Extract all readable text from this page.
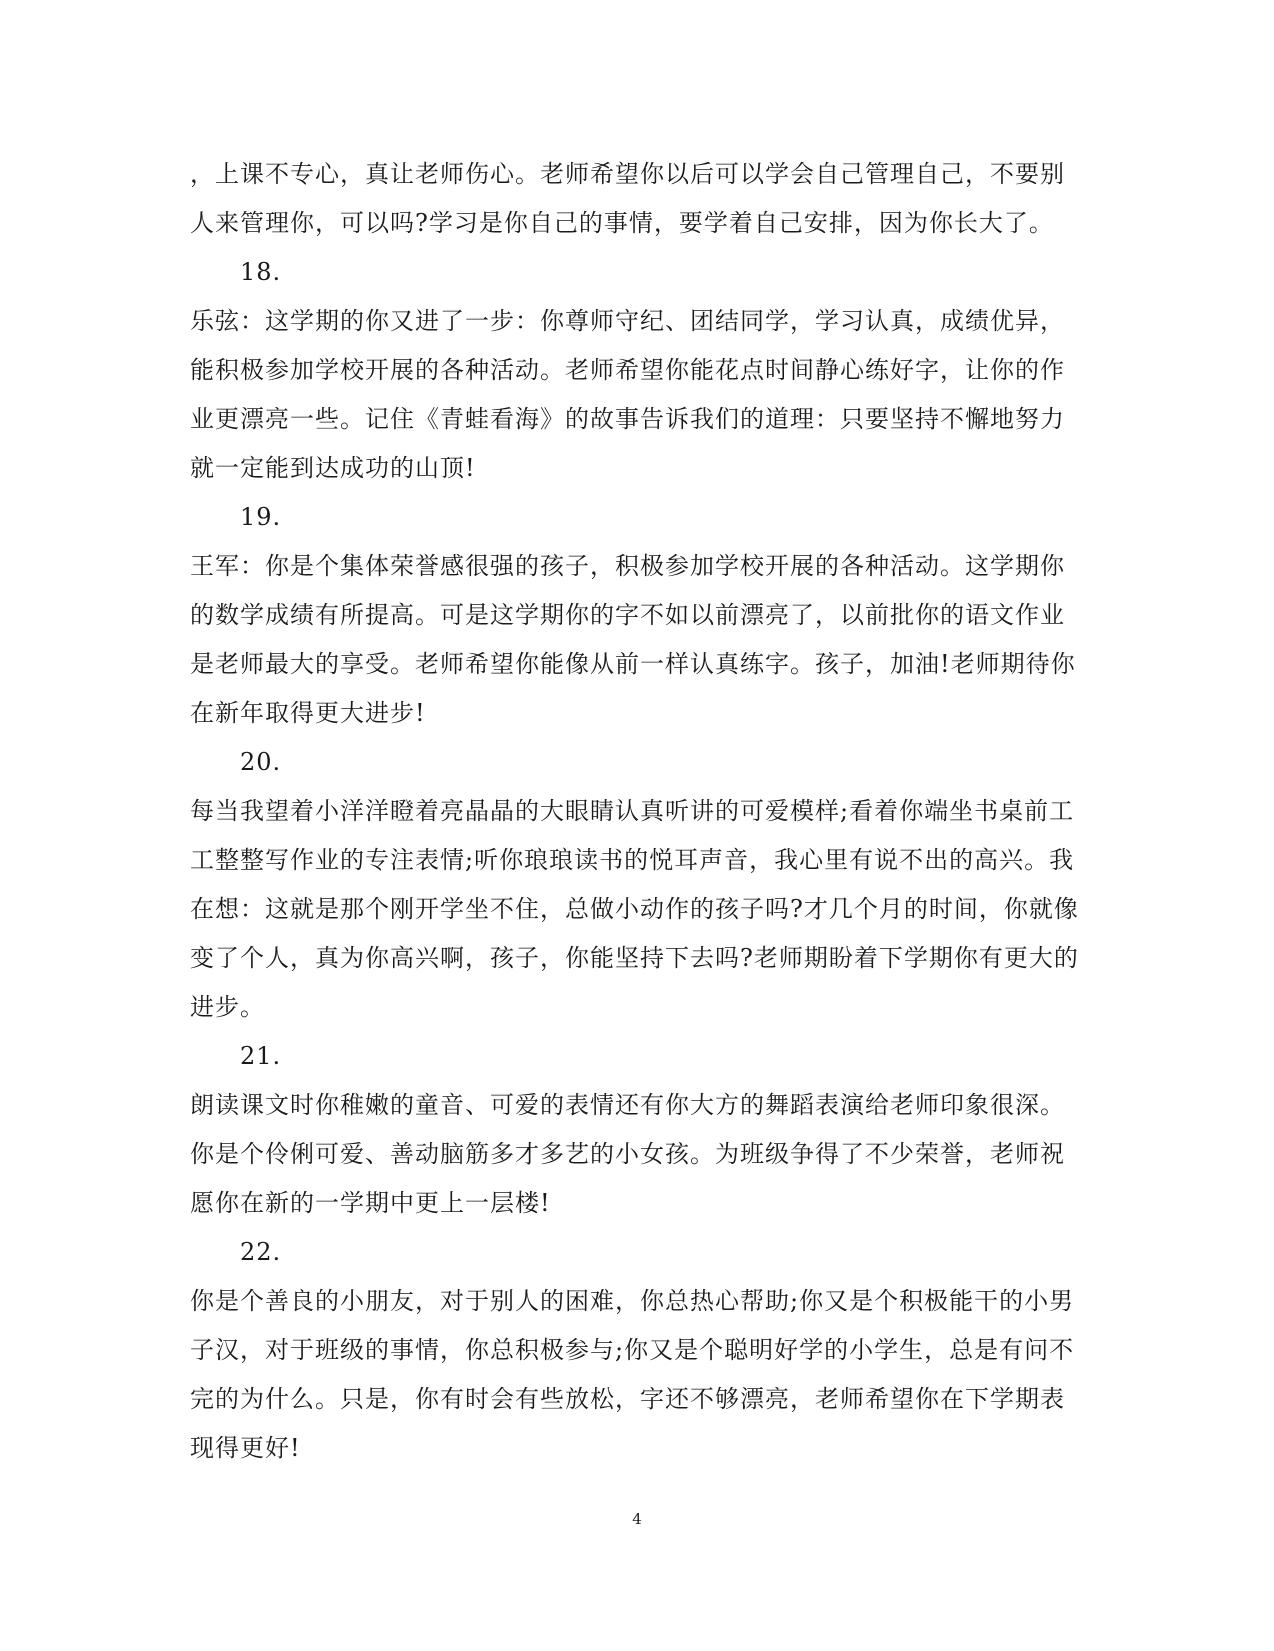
，上课不专心，真让老师伤心。老师希望你以后可以学会自己管理自己，不要别

人来管理你，可以吗?学习是你自己的事情，要学着自己安排，因为你长大了。

18.

乐弦：这学期的你又进了一步：你尊师守纪、团结同学，学习认真，成绩优异，

能积极参加学校开展的各种活动。老师希望你能花点时间静心练好字，让你的作

业更漂亮一些。记住《青蛙看海》的故事告诉我们的道理：只要坚持不懈地努力

就一定能到达成功的山顶!

19.

王军：你是个集体荣誉感很强的孩子，积极参加学校开展的各种活动。这学期你

的数学成绩有所提高。可是这学期你的字不如以前漂亮了，以前批你的语文作业

是老师最大的享受。老师希望你能像从前一样认真练字。孩子，加油!老师期待你

在新年取得更大进步!

20.

每当我望着小洋洋瞪着亮晶晶的大眼睛认真听讲的可爱模样;看着你端坐书桌前工

工整整写作业的专注表情;听你琅琅读书的悦耳声音，我心里有说不出的高兴。我

在想：这就是那个刚开学坐不住，总做小动作的孩子吗?才几个月的时间，你就像

变了个人，真为你高兴啊，孩子，你能坚持下去吗?老师期盼着下学期你有更大的

进步。

21.

朗读课文时你稚嫩的童音、可爱的表情还有你大方的舞蹈表演给老师印象很深。

你是个伶俐可爱、善动脑筋多才多艺的小女孩。为班级争得了不少荣誉，老师祝

愿你在新的一学期中更上一层楼!

22.

你是个善良的小朋友，对于别人的困难，你总热心帮助;你又是个积极能干的小男

子汉，对于班级的事情，你总积极参与;你又是个聪明好学的小学生，总是有问不

完的为什么。只是，你有时会有些放松，字还不够漂亮，老师希望你在下学期表

现得更好!

4
